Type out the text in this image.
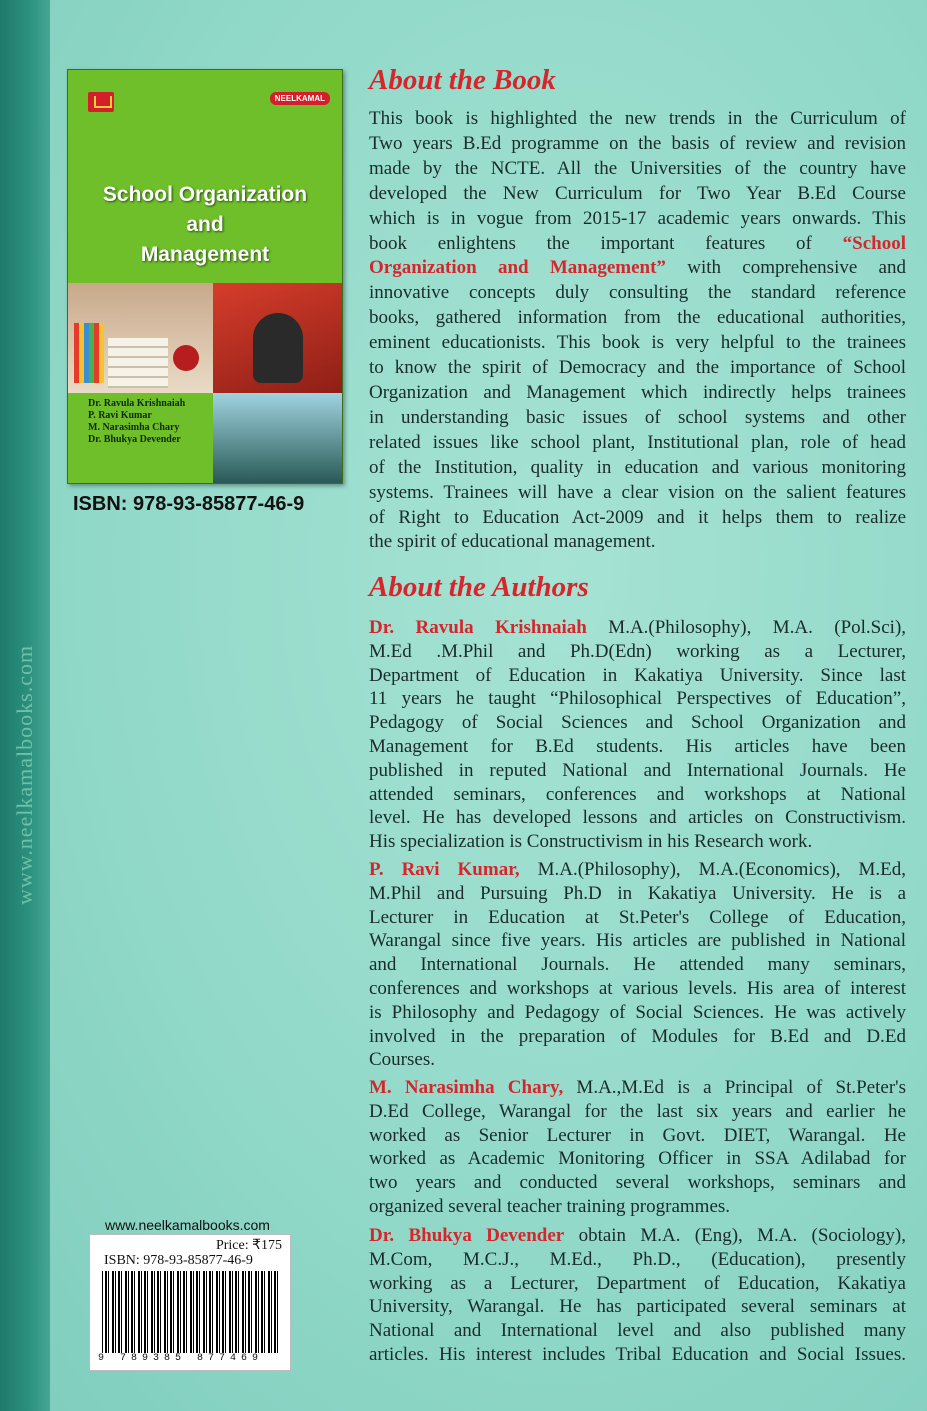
www.neelkamalbooks.com
NEELKAMAL
School Organization
and
Management
Dr. Ravula Krishnaiah
P. Ravi Kumar
M. Narasimha Chary
Dr. Bhukya Devender
ISBN: 978-93-85877-46-9
About the Book
This book is highlighted the new trends in the Curriculum of
Two years B.Ed programme on the basis of review and revision
made by the NCTE. All the Universities of the country have
developed the New Curriculum for Two Year B.Ed Course
which is in vogue from 2015-17 academic years onwards. This
book enlightens the important features of “School
Organization and Management” with comprehensive and
innovative concepts duly consulting the standard reference
books, gathered information from the educational authorities,
eminent educationists. This book is very helpful to the trainees
to know the spirit of Democracy and the importance of School
Organization and Management which indirectly helps trainees
in understanding basic issues of school systems and other
related issues like school plant, Institutional plan, role of head
of the Institution, quality in education and various monitoring
systems. Trainees will have a clear vision on the salient features
of Right to Education Act-2009 and it helps them to realize
the spirit of educational management.
About the Authors
Dr. Ravula Krishnaiah M.A.(Philosophy), M.A. (Pol.Sci),
M.Ed .M.Phil and Ph.D(Edn) working as a Lecturer,
Department of Education in Kakatiya University. Since last
11 years he taught “Philosophical Perspectives of Education”,
Pedagogy of Social Sciences and School Organization and
Management for B.Ed students. His articles have been
published in reputed National and International Journals. He
attended seminars, conferences and workshops at National
level. He has developed lessons and articles on Constructivism.
His specialization is Constructivism in his Research work.
P. Ravi Kumar, M.A.(Philosophy), M.A.(Economics), M.Ed,
M.Phil and Pursuing Ph.D in Kakatiya University. He is a
Lecturer in Education at St.Peter's College of Education,
Warangal since five years. His articles are published in National
and International Journals. He attended many seminars,
conferences and workshops at various levels. His area of interest
is Philosophy and Pedagogy of Social Sciences. He was actively
involved in the preparation of Modules for B.Ed and D.Ed
Courses.
M. Narasimha Chary, M.A.,M.Ed is a Principal of St.Peter's
D.Ed College, Warangal for the last six years and earlier he
worked as Senior Lecturer in Govt. DIET, Warangal. He
worked as Academic Monitoring Officer in SSA Adilabad for
two years and conducted several workshops, seminars and
organized several teacher training programmes.
Dr. Bhukya Devender obtain M.A. (Eng), M.A. (Sociology),
M.Com, M.C.J., M.Ed., Ph.D., (Education), presently
working as a Lecturer, Department of Education, Kakatiya
University, Warangal. He has participated several seminars at
National and International level and also published many
articles. His interest includes Tribal Education and Social Issues.
www.neelkamalbooks.com
Price: ₹175
ISBN: 978-93-85877-46-9
9 789385 877469
